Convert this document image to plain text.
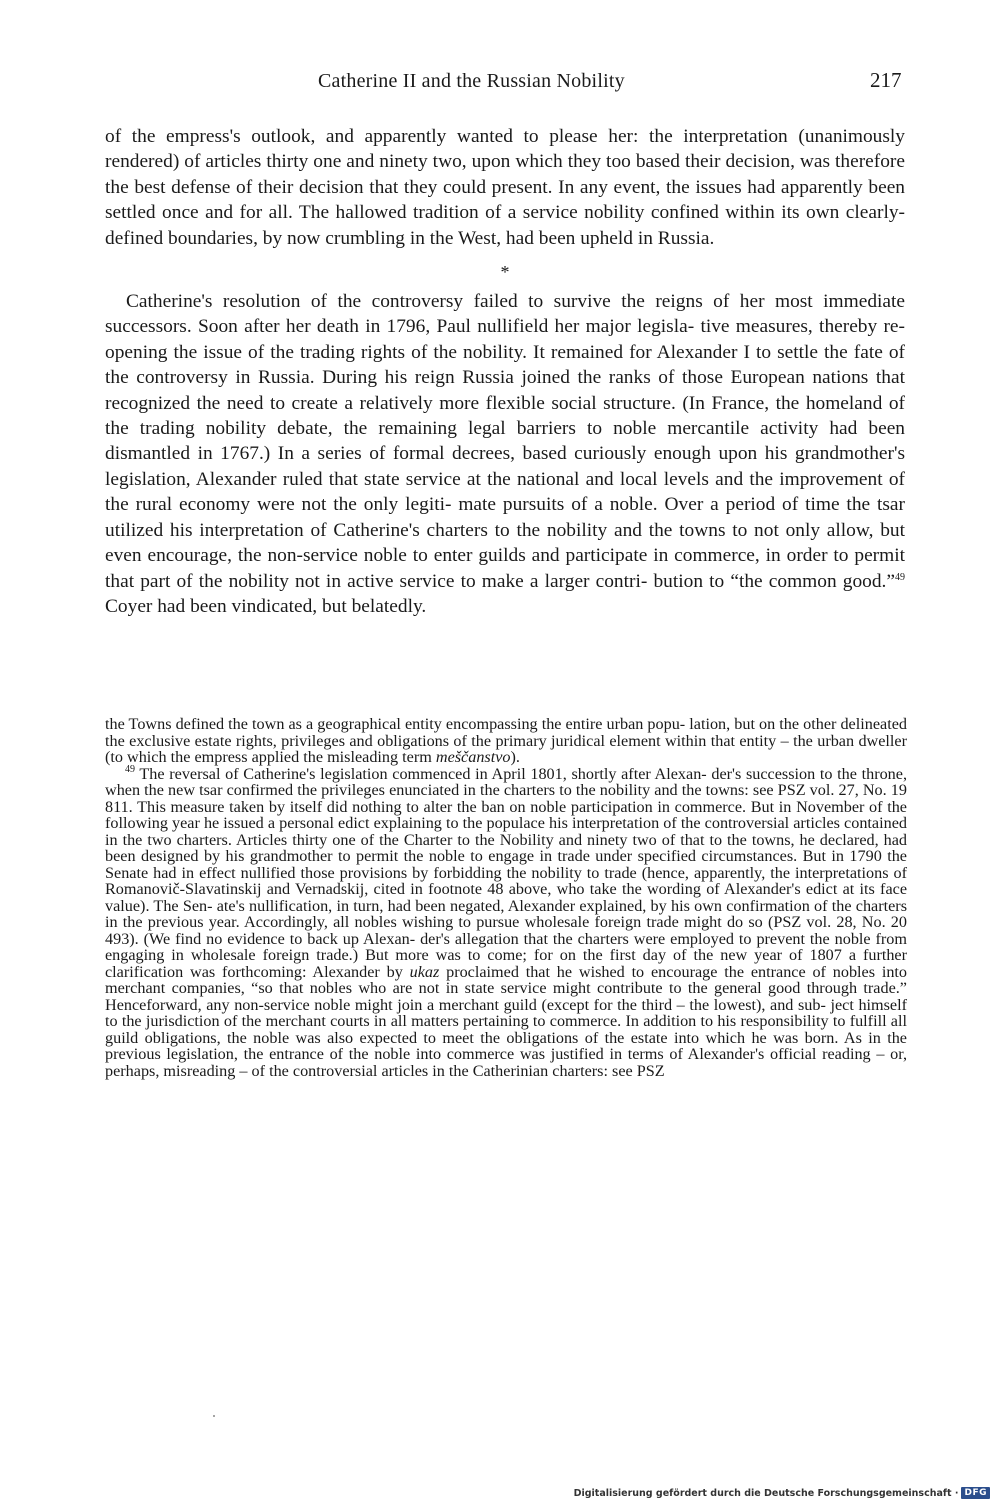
Catherine II and the Russian Nobility	217

of the empress's outlook, and apparently wanted to please her: the interpretation (unanimously rendered) of articles thirty one and ninety two, upon which they too based their decision, was therefore the best defense of their decision that they could present. In any event, the issues had apparently been settled once and for all. The hallowed tradition of a service nobility confined within its own clearly-defined boundaries, by now crumbling in the West, had been upheld in Russia.

*

Catherine's resolution of the controversy failed to survive the reigns of her most immediate successors. Soon after her death in 1796, Paul nullifield her major legisla- tive measures, thereby re-opening the issue of the trading rights of the nobility. It remained for Alexander I to settle the fate of the controversy in Russia. During his reign Russia joined the ranks of those European nations that recognized the need to create a relatively more flexible social structure. (In France, the homeland of the trading nobility debate, the remaining legal barriers to noble mercantile activity had been dismantled in 1767.) In a series of formal decrees, based curiously enough upon his grandmother's legislation, Alexander ruled that state service at the national and local levels and the improvement of the rural economy were not the only legiti- mate pursuits of a noble. Over a period of time the tsar utilized his interpretation of Catherine's charters to the nobility and the towns to not only allow, but even encourage, the non-service noble to enter guilds and participate in commerce, in order to permit that part of the nobility not in active service to make a larger contri- bution to “the common good.”$^{49}$ Coyer had been vindicated, but belatedly.

the Towns defined the town as a geographical entity encompassing the entire urban popu- lation, but on the other delineated the exclusive estate rights, privileges and obligations of the primary juridical element within that entity – the urban dweller (to which the empress applied the misleading term meščanstvo).

$^{49}$ The reversal of Catherine's legislation commenced in April 1801, shortly after Alexan- der's succession to the throne, when the new tsar confirmed the privileges enunciated in the charters to the nobility and the towns: see PSZ vol. 27, No. 19 811. This measure taken by itself did nothing to alter the ban on noble participation in commerce. But in November of the following year he issued a personal edict explaining to the populace his interpretation of the controversial articles contained in the two charters. Articles thirty one of the Charter to the Nobility and ninety two of that to the towns, he declared, had been designed by his grandmother to permit the noble to engage in trade under specified circumstances. But in 1790 the Senate had in effect nullified those provisions by forbidding the nobility to trade (hence, apparently, the interpretations of Romanovič-Slavatinskij and Vernadskij, cited in footnote 48 above, who take the wording of Alexander's edict at its face value). The Sen- ate's nullification, in turn, had been negated, Alexander explained, by his own confirmation of the charters in the previous year. Accordingly, all nobles wishing to pursue wholesale foreign trade might do so (PSZ vol. 28, No. 20 493). (We find no evidence to back up Alexan- der's allegation that the charters were employed to prevent the noble from engaging in wholesale foreign trade.) But more was to come; for on the first day of the new year of 1807 a further clarification was forthcoming: Alexander by ukaz proclaimed that he wished to encourage the entrance of nobles into merchant companies, “so that nobles who are not in state service might contribute to the general good through trade.” Henceforward, any non-service noble might join a merchant guild (except for the third – the lowest), and sub- ject himself to the jurisdiction of the merchant courts in all matters pertaining to commerce. In addition to his responsibility to fulfill all guild obligations, the noble was also expected to meet the obligations of the estate into which he was born. As in the previous legislation, the entrance of the noble into commerce was justified in terms of Alexander's official reading – or, perhaps, misreading – of the controversial articles in the Catherinian charters: see PSZ

Digitalisierung gefördert durch die Deutsche Forschungsgemeinschaft · DFG
